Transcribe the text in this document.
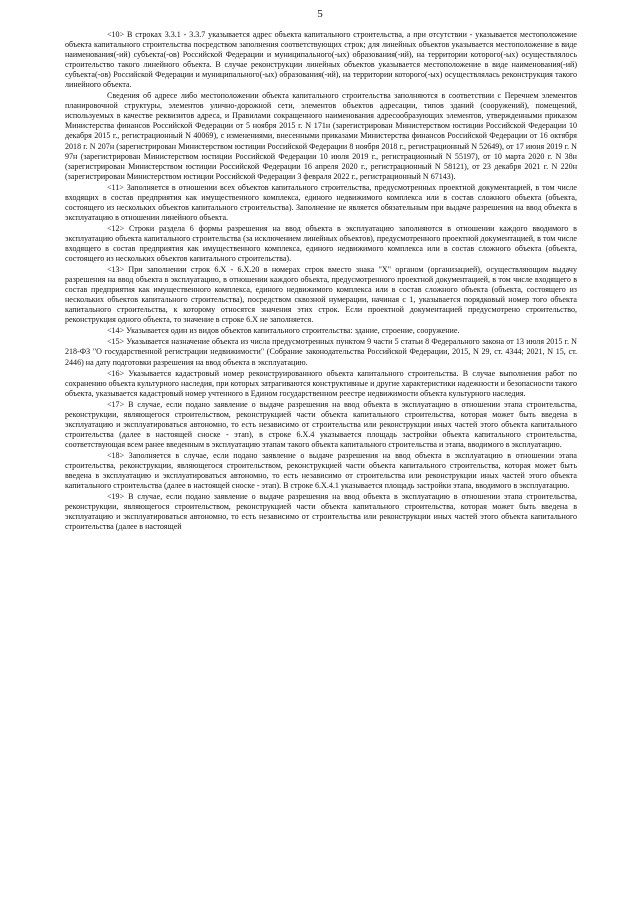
5

<10> В строках 3.3.1 - 3.3.7 указывается адрес объекта капитального строительства, а при отсутствии - указывается местоположение объекта капитального строительства посредством заполнения соответствующих строк; для линейных объектов указывается местоположение в виде наименования(-ий) субъекта(-ов) Российской Федерации и муниципального(-ых) образования(-ий), на территории которого(-ых) осуществлялось строительство такого линейного объекта. В случае реконструкции линейных объектов указывается местоположение в виде наименования(-ий) субъекта(-ов) Российской Федерации и муниципального(-ых) образования(-ий), на территории которого(-ых) осуществлялась реконструкция такого линейного объекта.

Сведения об адресе либо местоположении объекта капитального строительства заполняются в соответствии с Перечнем элементов планировочной структуры, элементов улично-дорожной сети, элементов объектов адресации, типов зданий (сооружений), помещений, используемых в качестве реквизитов адреса, и Правилами сокращенного наименования адресообразующих элементов, утвержденными приказом Министерства финансов Российской Федерации от 5 ноября 2015 г. N 171н (зарегистрирован Министерством юстиции Российской Федерации 10 декабря 2015 г., регистрационный N 40069), с изменениями, внесенными приказами Министерства финансов Российской Федерации от 16 октября 2018 г. N 207н (зарегистрирован Министерством юстиции Российской Федерации 8 ноября 2018 г., регистрационный N 52649), от 17 июня 2019 г. N 97н (зарегистрирован Министерством юстиции Российской Федерации 10 июля 2019 г., регистрационный N 55197), от 10 марта 2020 г. N 38н (зарегистрирован Министерством юстиции Российской Федерации 16 апреля 2020 г., регистрационный N 58121), от 23 декабря 2021 г. N 220н (зарегистрирован Министерством юстиции Российской Федерации 3 февраля 2022 г., регистрационный N 67143).

<11> Заполняется в отношении всех объектов капитального строительства, предусмотренных проектной документацией, в том числе входящих в состав предприятия как имущественного комплекса, единого недвижимого комплекса или в состав сложного объекта (объекта, состоящего из нескольких объектов капитального строительства). Заполнение не является обязательным при выдаче разрешения на ввод объекта в эксплуатацию в отношении линейного объекта.

<12> Строки раздела 6 формы разрешения на ввод объекта в эксплуатацию заполняются в отношении каждого вводимого в эксплуатацию объекта капитального строительства (за исключением линейных объектов), предусмотренного проектной документацией, в том числе входящего в состав предприятия как имущественного комплекса, единого недвижимого комплекса или в состав сложного объекта (объекта, состоящего из нескольких объектов капитального строительства).

<13> При заполнении строк 6.X - 6.X.20 в номерах строк вместо знака "X" органом (организацией), осуществляющим выдачу разрешения на ввод объекта в эксплуатацию, в отношении каждого объекта, предусмотренного проектной документацией, в том числе входящего в состав предприятия как имущественного комплекса, единого недвижимого комплекса или в состав сложного объекта (объекта, состоящего из нескольких объектов капитального строительства), посредством сквозной нумерации, начиная с 1, указывается порядковый номер того объекта капитального строительства, к которому относятся значения этих строк. Если проектной документацией предусмотрено строительство, реконструкция одного объекта, то значение в строке 6.X не заполняется.

<14> Указывается один из видов объектов капитального строительства: здание, строение, сооружение.

<15> Указывается назначение объекта из числа предусмотренных пунктом 9 части 5 статьи 8 Федерального закона от 13 июля 2015 г. N 218-ФЗ "О государственной регистрации недвижимости" (Собрание законодательства Российской Федерации, 2015, N 29, ст. 4344; 2021, N 15, ст. 2446) на дату подготовки разрешения на ввод объекта в эксплуатацию.

<16> Указывается кадастровый номер реконструированного объекта капитального строительства. В случае выполнения работ по сохранению объекта культурного наследия, при которых затрагиваются конструктивные и другие характеристики надежности и безопасности такого объекта, указывается кадастровый номер учтенного в Едином государственном реестре недвижимости объекта культурного наследия.

<17> В случае, если подано заявление о выдаче разрешения на ввод объекта в эксплуатацию в отношении этапа строительства, реконструкции, являющегося строительством, реконструкцией части объекта капитального строительства, которая может быть введена в эксплуатацию и эксплуатироваться автономно, то есть независимо от строительства или реконструкции иных частей этого объекта капитального строительства (далее в настоящей сноске - этап), в строке 6.X.4 указывается площадь застройки объекта капитального строительства, соответствующая всем ранее введенным в эксплуатацию этапам такого объекта капитального строительства и этапа, вводимого в эксплуатацию.

<18> Заполняется в случае, если подано заявление о выдаче разрешения на ввод объекта в эксплуатацию в отношении этапа строительства, реконструкции, являющегося строительством, реконструкцией части объекта капитального строительства, которая может быть введена в эксплуатацию и эксплуатироваться автономно, то есть независимо от строительства или реконструкции иных частей этого объекта капитального строительства (далее в настоящей сноске - этап). В строке 6.X.4.1 указывается площадь застройки этапа, вводимого в эксплуатацию.

<19> В случае, если подано заявление о выдаче разрешения на ввод объекта в эксплуатацию в отношении этапа строительства, реконструкции, являющегося строительством, реконструкцией части объекта капитального строительства, которая может быть введена в эксплуатацию и эксплуатироваться автономно, то есть независимо от строительства или реконструкции иных частей этого объекта капитального строительства (далее в настоящей
